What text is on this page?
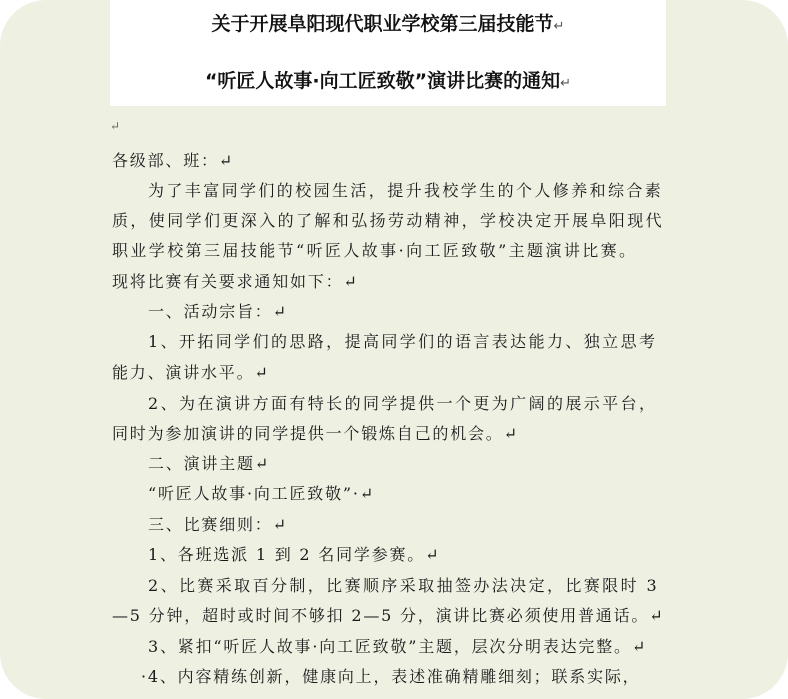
关于开展阜阳现代职业学校第三届技能节↵
“听匠人故事·向工匠致敬”演讲比赛的通知↵
↵
各级部、班：↵
为了丰富同学们的校园生活，提升我校学生的个人修养和综合素
质，使同学们更深入的了解和弘扬劳动精神，学校决定开展阜阳现代
职业学校第三届技能节“听匠人故事·向工匠致敬”主题演讲比赛。
现将比赛有关要求通知如下：↵
一、活动宗旨：↵
1、开拓同学们的思路，提高同学们的语言表达能力、独立思考
能力、演讲水平。↵
2、为在演讲方面有特长的同学提供一个更为广阔的展示平台，
同时为参加演讲的同学提供一个锻炼自己的机会。↵
二、演讲主题↵
“听匠人故事·向工匠致敬”·↵
三、比赛细则：↵
1、各班选派 1 到 2 名同学参赛。↵
2、比赛采取百分制，比赛顺序采取抽签办法决定，比赛限时 3
—5 分钟，超时或时间不够扣 2—5 分，演讲比赛必须使用普通话。↵
3、紧扣“听匠人故事·向工匠致敬”主题，层次分明表达完整。↵
·4、内容精练创新，健康向上，表述准确精雕细刻；联系实际，
